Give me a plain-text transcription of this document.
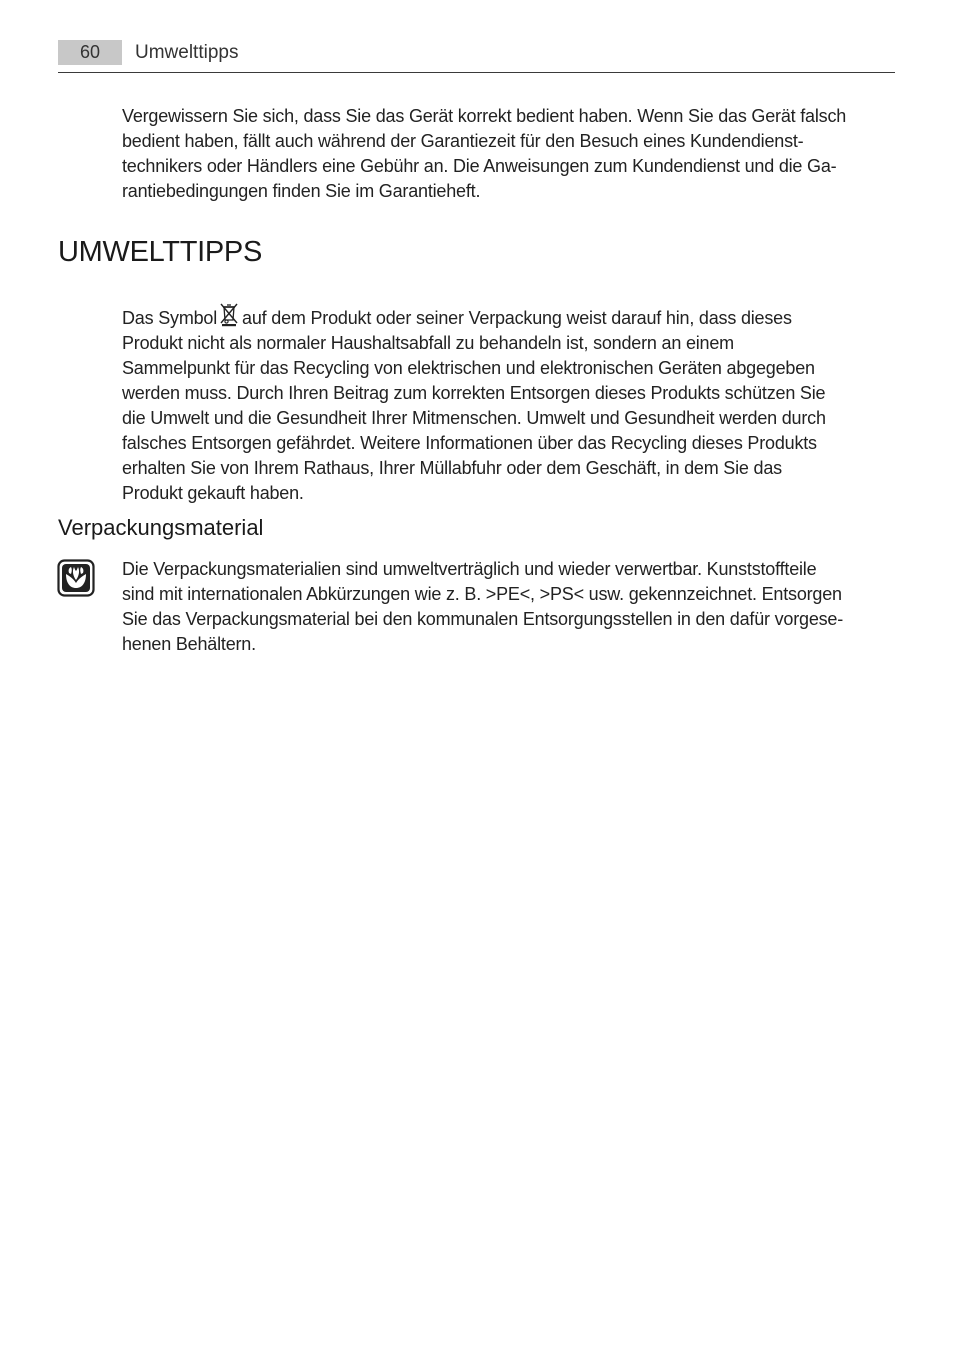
60	Umwelttipps
Vergewissern Sie sich, dass Sie das Gerät korrekt bedient haben. Wenn Sie das Gerät falsch
bedient haben, fällt auch während der Garantiezeit für den Besuch eines Kundendienst-
technikers oder Händlers eine Gebühr an. Die Anweisungen zum Kundendienst und die Ga-
rantiebedingungen finden Sie im Garantieheft.
UMWELTTIPPS
Das Symbol auf dem Produkt oder seiner Verpackung weist darauf hin, dass dieses
Produkt nicht als normaler Haushaltsabfall zu behandeln ist, sondern an einem
Sammelpunkt für das Recycling von elektrischen und elektronischen Geräten abgegeben
werden muss. Durch Ihren Beitrag zum korrekten Entsorgen dieses Produkts schützen Sie
die Umwelt und die Gesundheit Ihrer Mitmenschen. Umwelt und Gesundheit werden durch
falsches Entsorgen gefährdet. Weitere Informationen über das Recycling dieses Produkts
erhalten Sie von Ihrem Rathaus, Ihrer Müllabfuhr oder dem Geschäft, in dem Sie das
Produkt gekauft haben.
Verpackungsmaterial
Die Verpackungsmaterialien sind umweltverträglich und wieder verwertbar. Kunststoffteile
sind mit internationalen Abkürzungen wie z. B. >PE<, >PS< usw. gekennzeichnet. Entsorgen
Sie das Verpackungsmaterial bei den kommunalen Entsorgungsstellen in den dafür vorgese-
henen Behältern.
